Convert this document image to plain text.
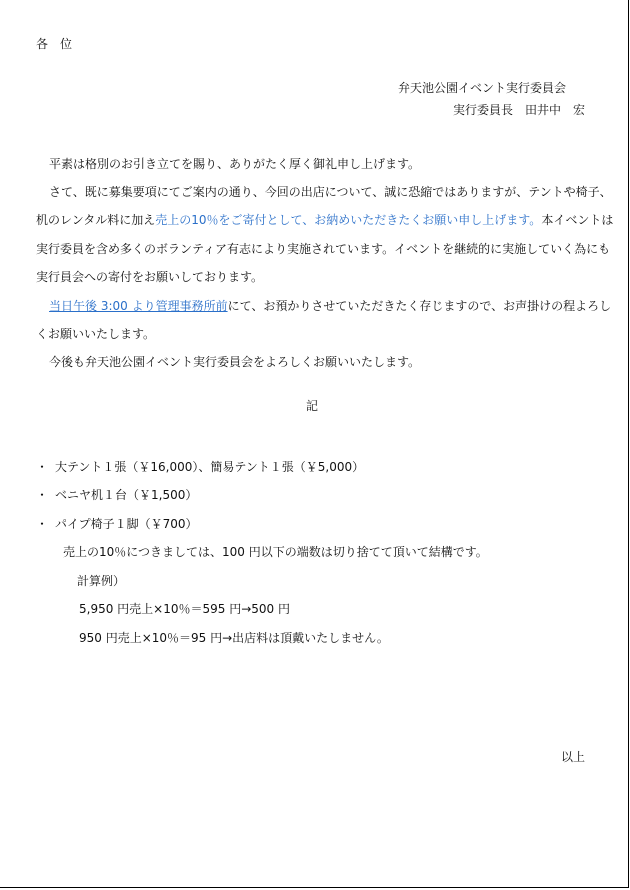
各　位
弁天池公園イベント実行委員会
実行委員長　田井中　宏
平素は格別のお引き立てを賜り、ありがたく厚く御礼申し上げます。
さて、既に募集要項にてご案内の通り、今回の出店について、誠に恐縮ではありますが、テントや椅子、
机のレンタル料に加え売上の10％をご寄付として、お納めいただきたくお願い申し上げます。本イベントは
実行委員を含め多くのボランティア有志により実施されています。イベントを継続的に実施していく為にも
実行員会への寄付をお願いしております。
当日午後 3:00 より管理事務所前にて、お預かりさせていただきたく存じますので、お声掛けの程よろし
くお願いいたします。
今後も弁天池公園イベント実行委員会をよろしくお願いいたします。
記
・ 大テント１張（￥16,000）、簡易テント１張（￥5,000）
・ ベニヤ机１台（￥1,500）
・ パイプ椅子１脚（￥700）
売上の10％につきましては、100 円以下の端数は切り捨てて頂いて結構です。
計算例）
5,950 円売上×10％＝595 円→500 円
950 円売上×10％＝95 円→出店料は頂戴いたしません。
以上
